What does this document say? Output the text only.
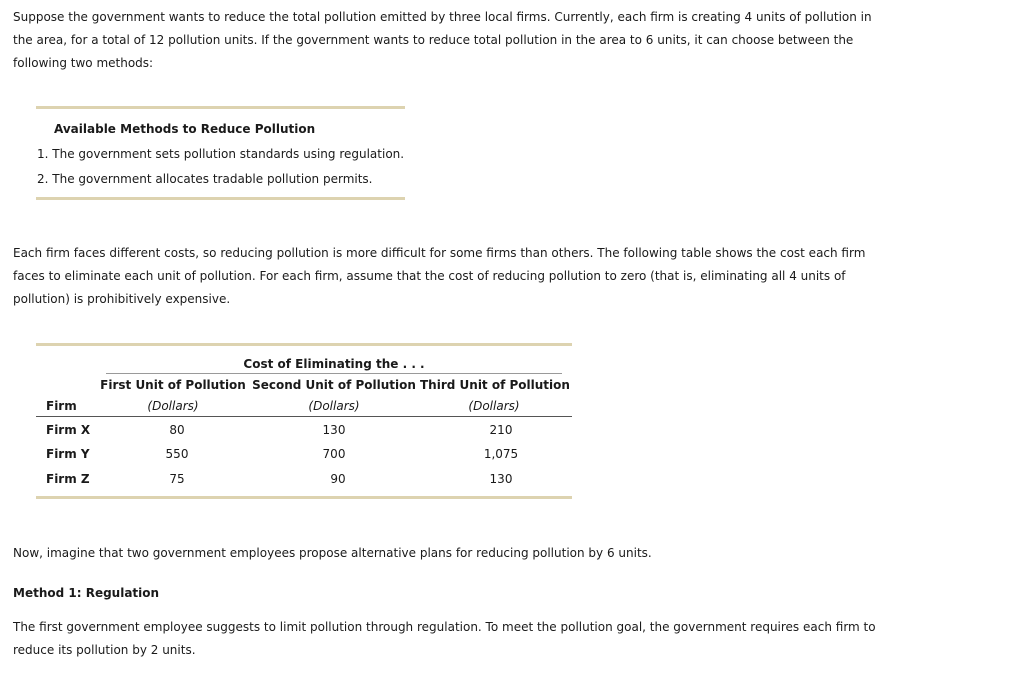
Suppose the government wants to reduce the total pollution emitted by three local firms. Currently, each firm is creating 4 units of pollution in the area, for a total of 12 pollution units. If the government wants to reduce total pollution in the area to 6 units, it can choose between the following two methods:

Available Methods to Reduce Pollution
1. The government sets pollution standards using regulation.
2. The government allocates tradable pollution permits.

Each firm faces different costs, so reducing pollution is more difficult for some firms than others. The following table shows the cost each firm faces to eliminate each unit of pollution. For each firm, assume that the cost of reducing pollution to zero (that is, eliminating all 4 units of pollution) is prohibitively expensive.

Cost of Eliminating the . . .
First Unit of Pollution Second Unit of Pollution Third Unit of Pollution
Firm	(Dollars)	(Dollars)	(Dollars)
Firm X	80	130	210
Firm Y	550	700	1,075
Firm Z	75	90	130

Now, imagine that two government employees propose alternative plans for reducing pollution by 6 units.

Method 1: Regulation

The first government employee suggests to limit pollution through regulation. To meet the pollution goal, the government requires each firm to reduce its pollution by 2 units.
